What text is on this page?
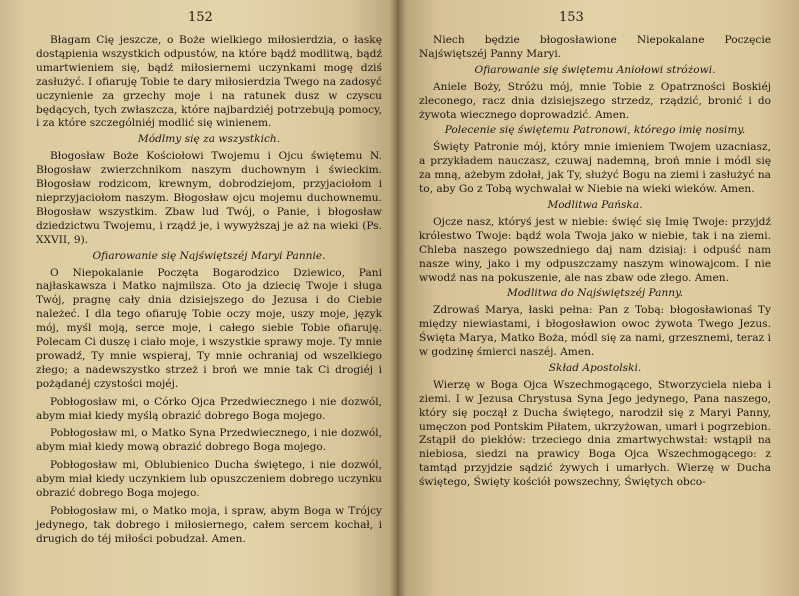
152

Błagam Cię jeszcze, o Boże wielkiego miłosierdzia, o łaskę dostąpienia wszystkich odpustów, na które bądź modlitwą, bądź umartwieniem się, bądź miłosiernemi uczynkami mogę dziś zasłużyć. I ofiaruję Tobie te dary miłosierdzia Twego na zadosyć uczynienie za grzechy moje i na ratunek dusz w czyscu będących, tych zwłaszcza, które najbardziéj potrzebują pomocy, i za które szczególniéj modlić się winienem.

Módlmy się za wszystkich.

Błogosław Boże Kościołowi Twojemu i Ojcu świętemu N. Błogosław zwierzchnikom naszym duchownym i świeckim. Błogosław rodzicom, krewnym, dobrodziejom, przyjaciołom i nieprzyjaciołom naszym. Błogosław ojcu mojemu duchownemu. Błogosław wszystkim. Zbaw lud Twój, o Panie, i błogosław dziedzictwu Twojemu, i rządź je, i wywyższaj je aż na wieki (Ps. XXVII, 9).

Ofiarowanie się Najświętszéj Maryi Pannie.

O Niepokalanie Poczęta Bogarodzico Dziewico, Pani najłaskawsza i Matko najmilsza. Oto ja dziecię Twoje i sługa Twój, pragnę cały dnia dzisiejszego do Jezusa i do Ciebie należeć. I dla tego ofiaruję Tobie oczy moje, uszy moje, język mój, myśl moją, serce moje, i całego siebie Tobie ofiaruję. Polecam Ci duszę i ciało moje, i wszystkie sprawy moje. Ty mnie prowadź, Ty mnie wspieraj, Ty mnie ochraniaj od wszelkiego złego; a nadewszystko strzeż i broń we mnie tak Ci drogiéj i pożądanéj czystości mojéj.

Pobłogosław mi, o Córko Ojca Przedwiecznego i nie dozwól, abym miał kiedy myślą obrazić dobrego Boga mojego.

Pobłogosław mi, o Matko Syna Przedwiecznego, i nie dozwól, abym miał kiedy mową obrazić dobrego Boga mojego.

Pobłogosław mi, Oblubienico Ducha świętego, i nie dozwól, abym miał kiedy uczynkiem lub opuszczeniem dobrego uczynku obrazić dobrego Boga mojego.

Pobłogosław mi, o Matko moja, i spraw, abym Boga w Trójcy jedynego, tak dobrego i miłosiernego, całem sercem kochał, i drugich do téj miłości pobudzał. Amen.

153

Niech będzie błogosławione Niepokalane Poczęcie Najświętszéj Panny Maryi.

Ofiarowanie się świętemu Aniołowi stróżowi.

Aniele Boży, Stróżu mój, mnie Tobie z Opatrzności Boskiéj zleconego, racz dnia dzisiejszego strzedz, rządzić, bronić i do żywota wiecznego doprowadzić. Amen.

Polecenie się świętemu Patronowi, którego imię nosimy.

Święty Patronie mój, który mnie imieniem Twojem uzacniasz, a przykładem nauczasz, czuwaj nademną, broń mnie i módl się za mną, ażebym zdołał, jak Ty, służyć Bogu na ziemi i zasłużyć na to, aby Go z Tobą wychwalał w Niebie na wieki wieków. Amen.

Modlitwa Pańska.

Ojcze nasz, któryś jest w niebie: święć się Imię Twoje: przyjdź królestwo Twoje: bądź wola Twoja jako w niebie, tak i na ziemi. Chleba naszego powszedniego daj nam dzisiaj: i odpuść nam nasze winy, jako i my odpuszczamy naszym winowajcom. I nie wwodź nas na pokuszenie, ale nas zbaw ode złego. Amen.

Modlitwa do Najświętszéj Panny.

Zdrowaś Marya, łaski pełna: Pan z Tobą: błogosławionaś Ty między niewiastami, i błogosławion owoc żywota Twego Jezus. Święta Marya, Matko Boża, módl się za nami, grzesznemi, teraz i w godzinę śmierci naszéj. Amen.

Skład Apostolski.

Wierzę w Boga Ojca Wszechmogącego, Stworzyciela nieba i ziemi. I w Jezusa Chrystusa Syna Jego jedynego, Pana naszego, który się począł z Ducha świętego, narodził się z Maryi Panny, umęczon pod Pontskim Piłatem, ukrzyżowan, umarł i pogrzebion. Zstąpił do piekłów: trzeciego dnia zmartwychwstał: wstąpił na niebiosa, siedzi na prawicy Boga Ojca Wszechmogącego: z tamtąd przyjdzie sądzić żywych i umarłych. Wierzę w Ducha świętego, Święty kościół powszechny, Świętych obco-
